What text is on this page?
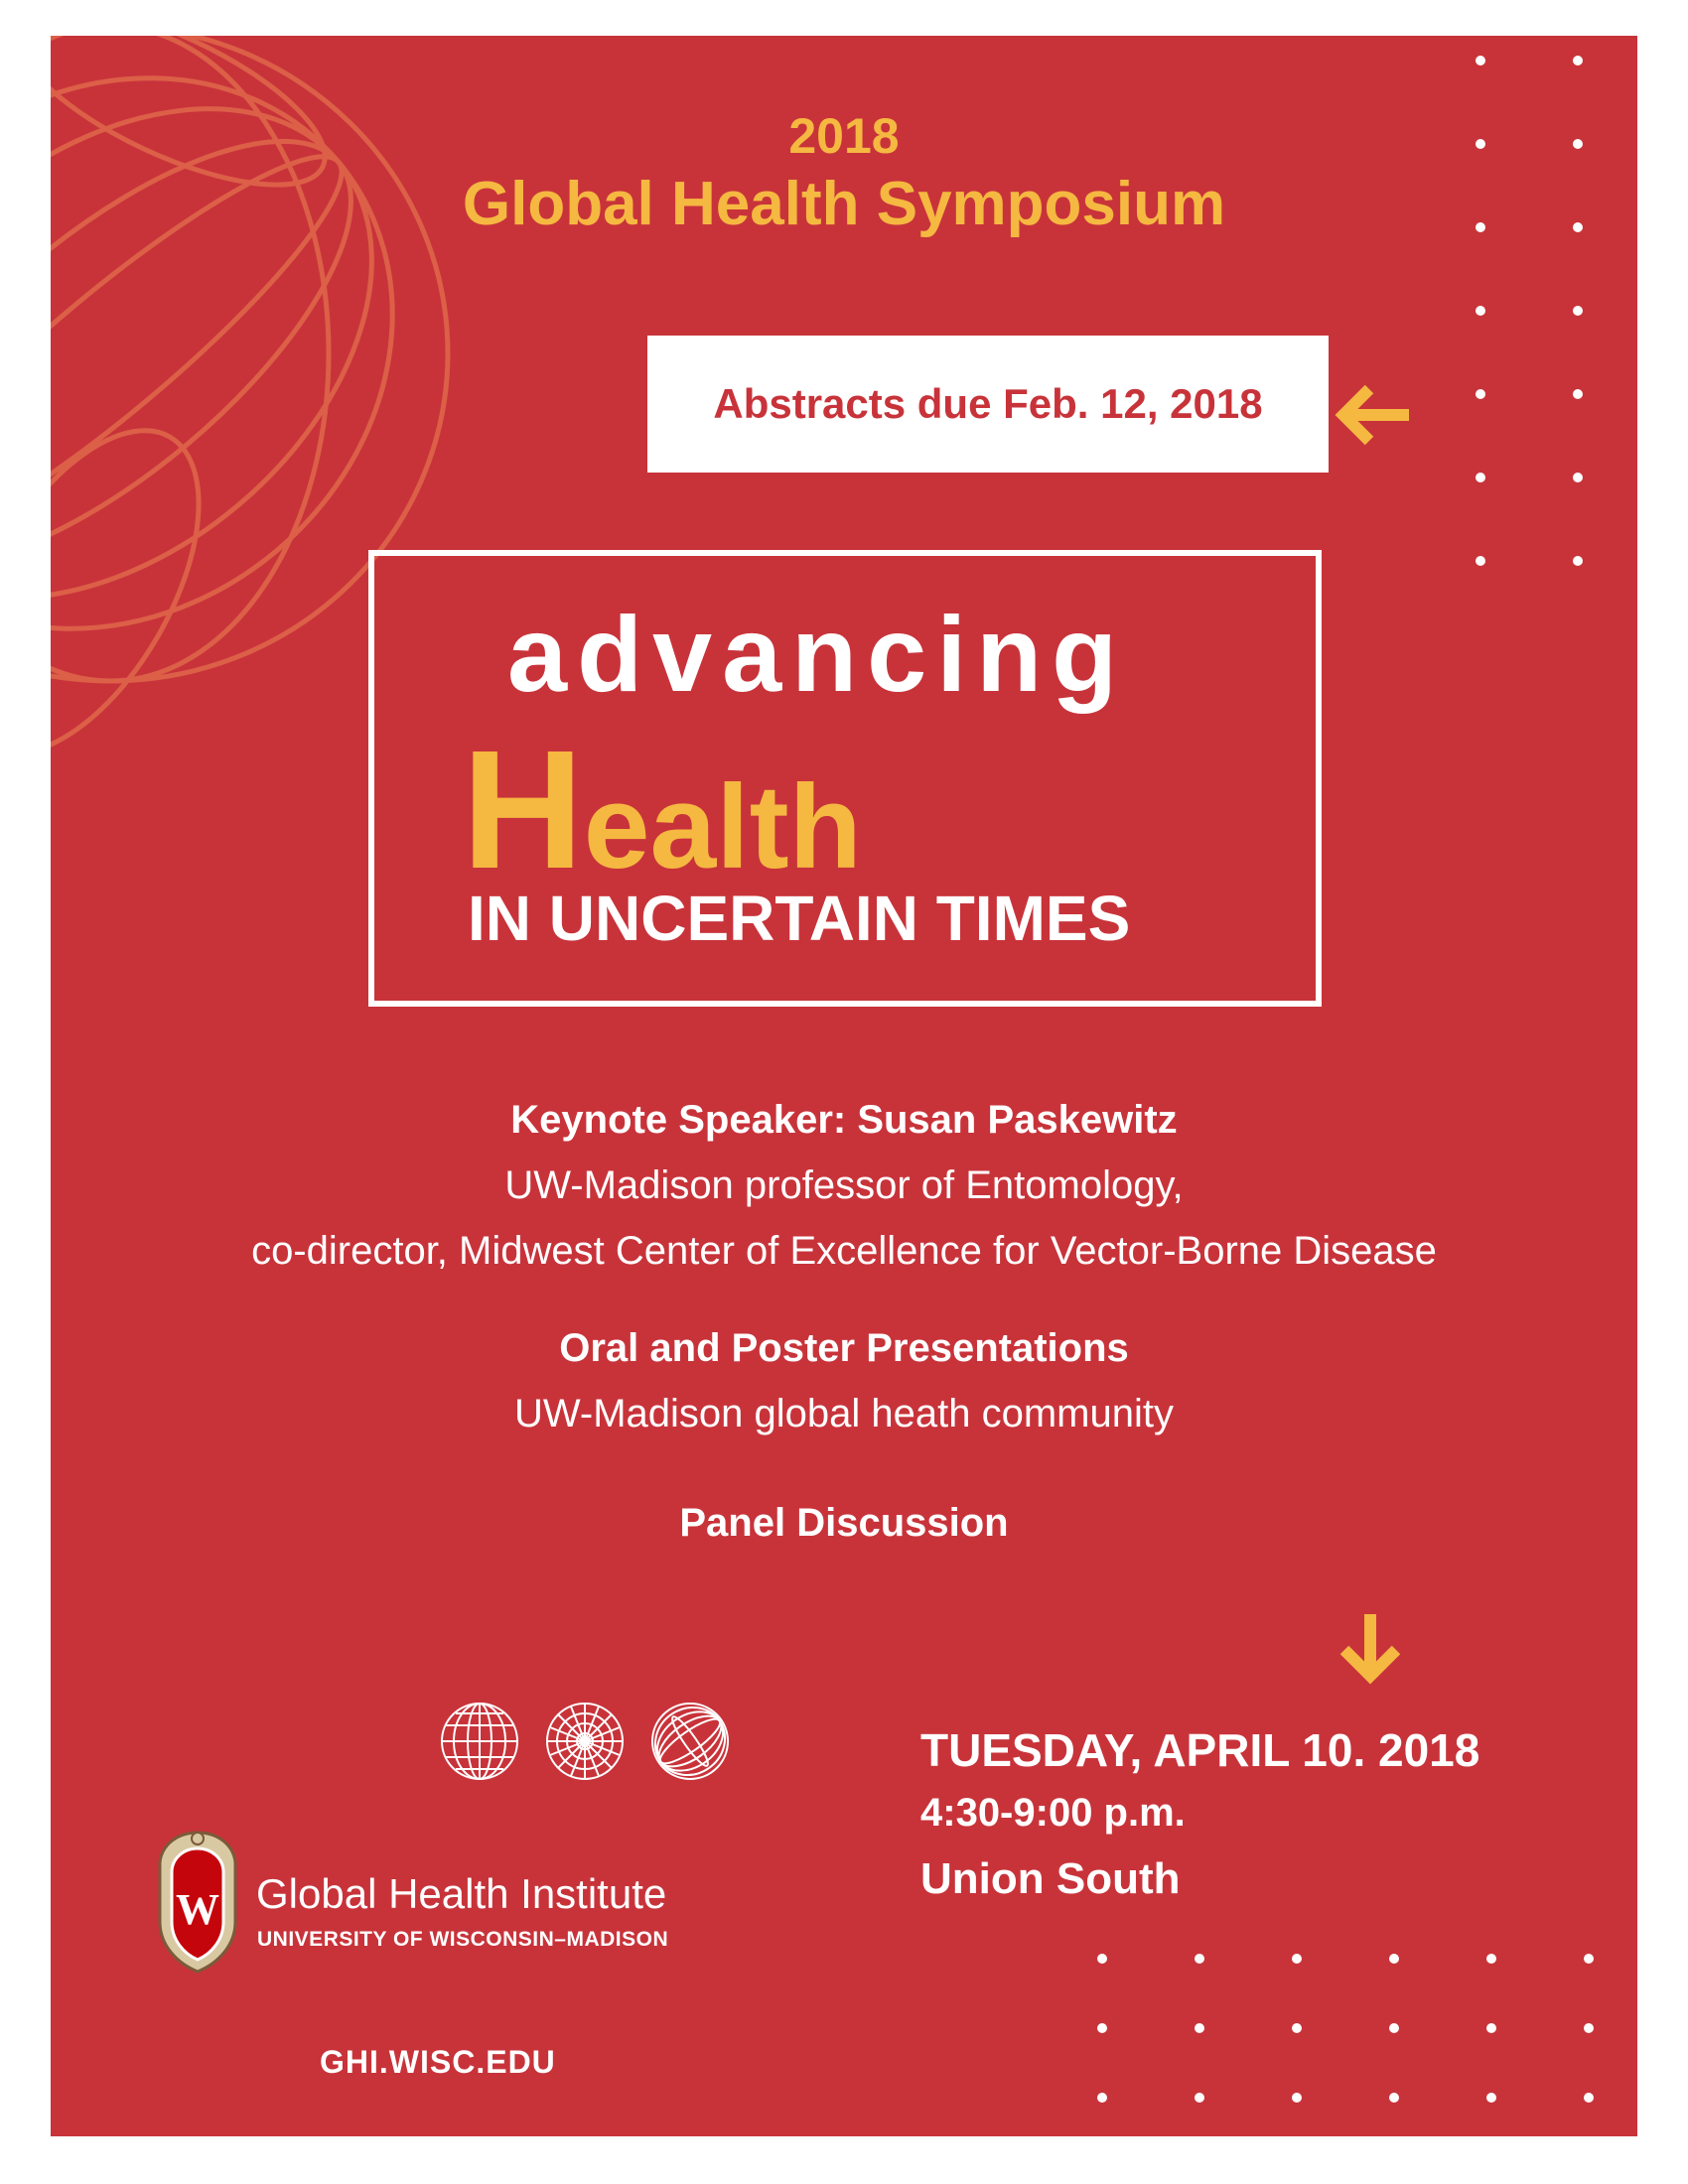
2018
Global Health Symposium
Abstracts due Feb. 12, 2018
advancing
Health
IN UNCERTAIN TIMES
Keynote Speaker: Susan Paskewitz
UW-Madison professor of Entomology,
co-director, Midwest Center of Excellence for Vector-Borne Disease
Oral and Poster Presentations
UW-Madison global heath community
Panel Discussion
TUESDAY, APRIL 10. 2018
4:30-9:00 p.m.
Union South
W Global Health Institute
UNIVERSITY OF WISCONSIN–MADISON
GHI.WISC.EDU
